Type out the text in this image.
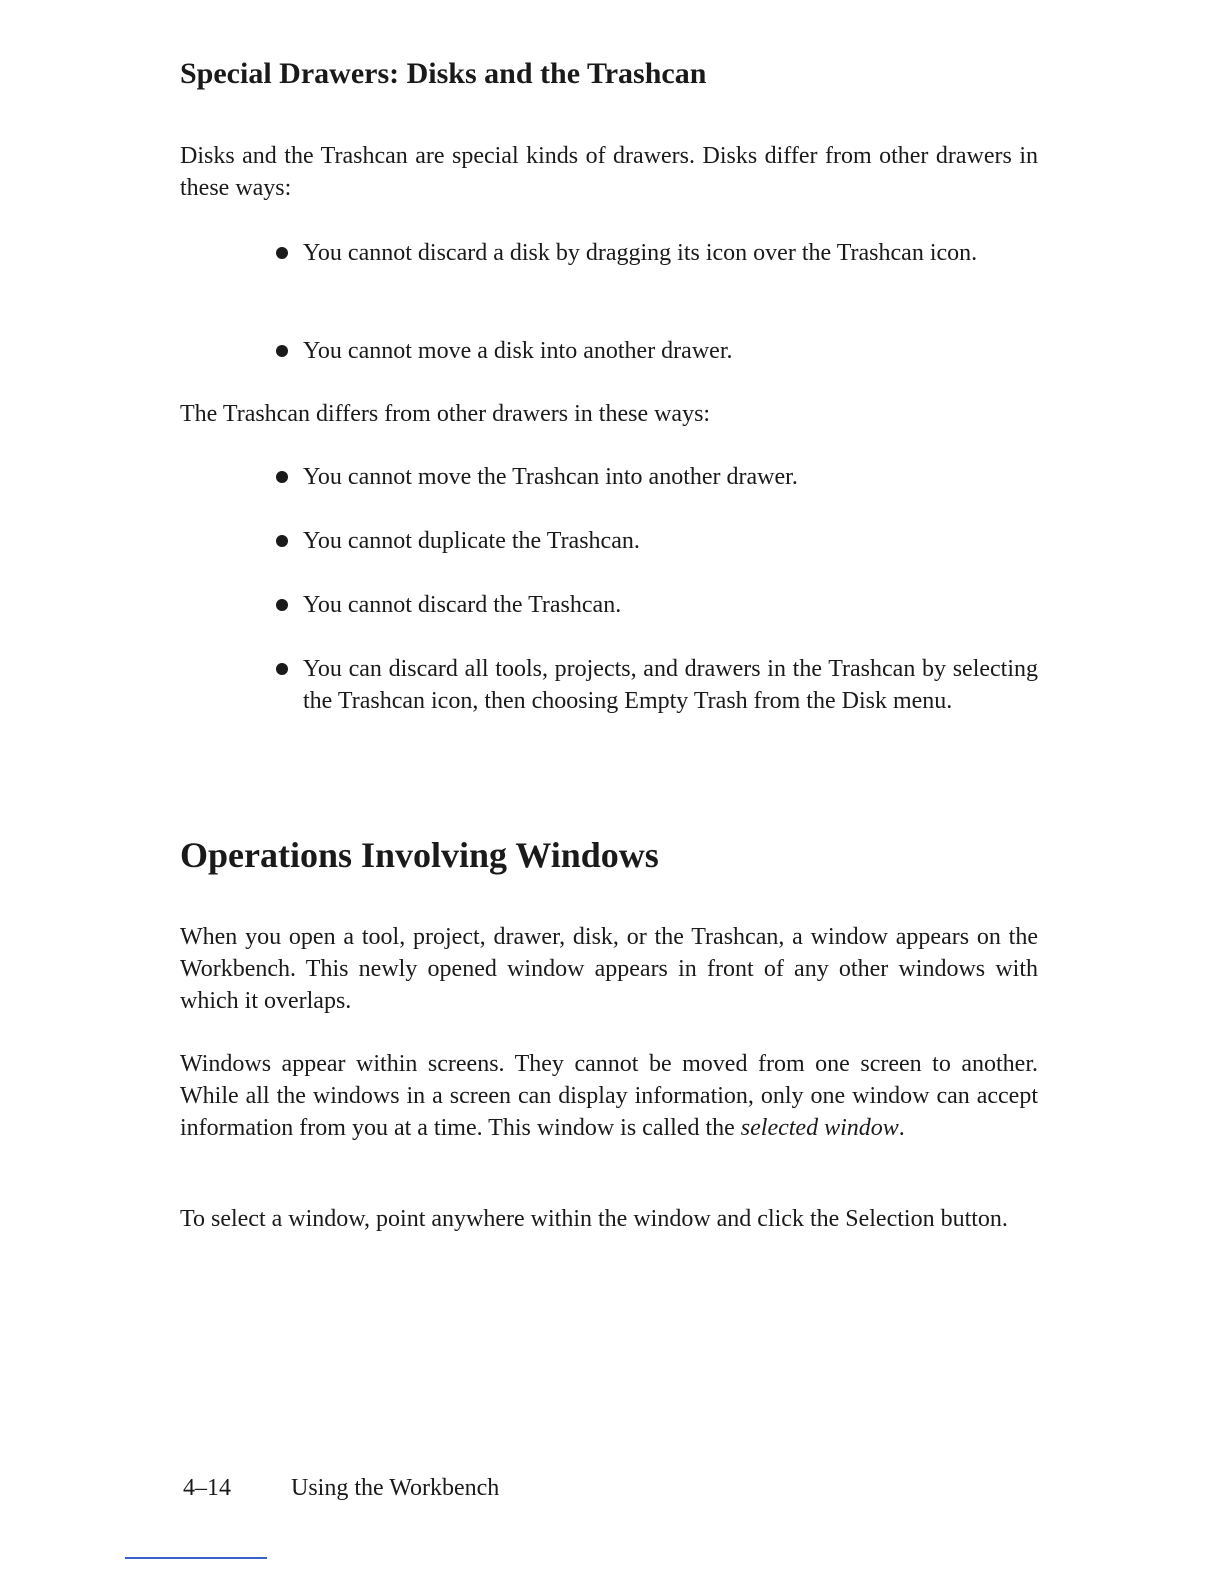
Special Drawers: Disks and the Trashcan

Disks and the Trashcan are special kinds of drawers. Disks differ from other drawers in these ways:

You cannot discard a disk by dragging its icon over the Trashcan icon.
You cannot move a disk into another drawer.

The Trashcan differs from other drawers in these ways:

You cannot move the Trashcan into another drawer.
You cannot duplicate the Trashcan.
You cannot discard the Trashcan.
You can discard all tools, projects, and drawers in the Trashcan by selecting the Trashcan icon, then choosing Empty Trash from the Disk menu.
Operations Involving Windows

When you open a tool, project, drawer, disk, or the Trashcan, a window appears on the Workbench. This newly opened window appears in front of any other windows with which it overlaps.

Windows appear within screens. They cannot be moved from one screen to another. While all the windows in a screen can display information, only one window can accept information from you at a time. This window is called the selected window.

To select a window, point anywhere within the window and click the Selection button.

4–14	Using the Workbench
